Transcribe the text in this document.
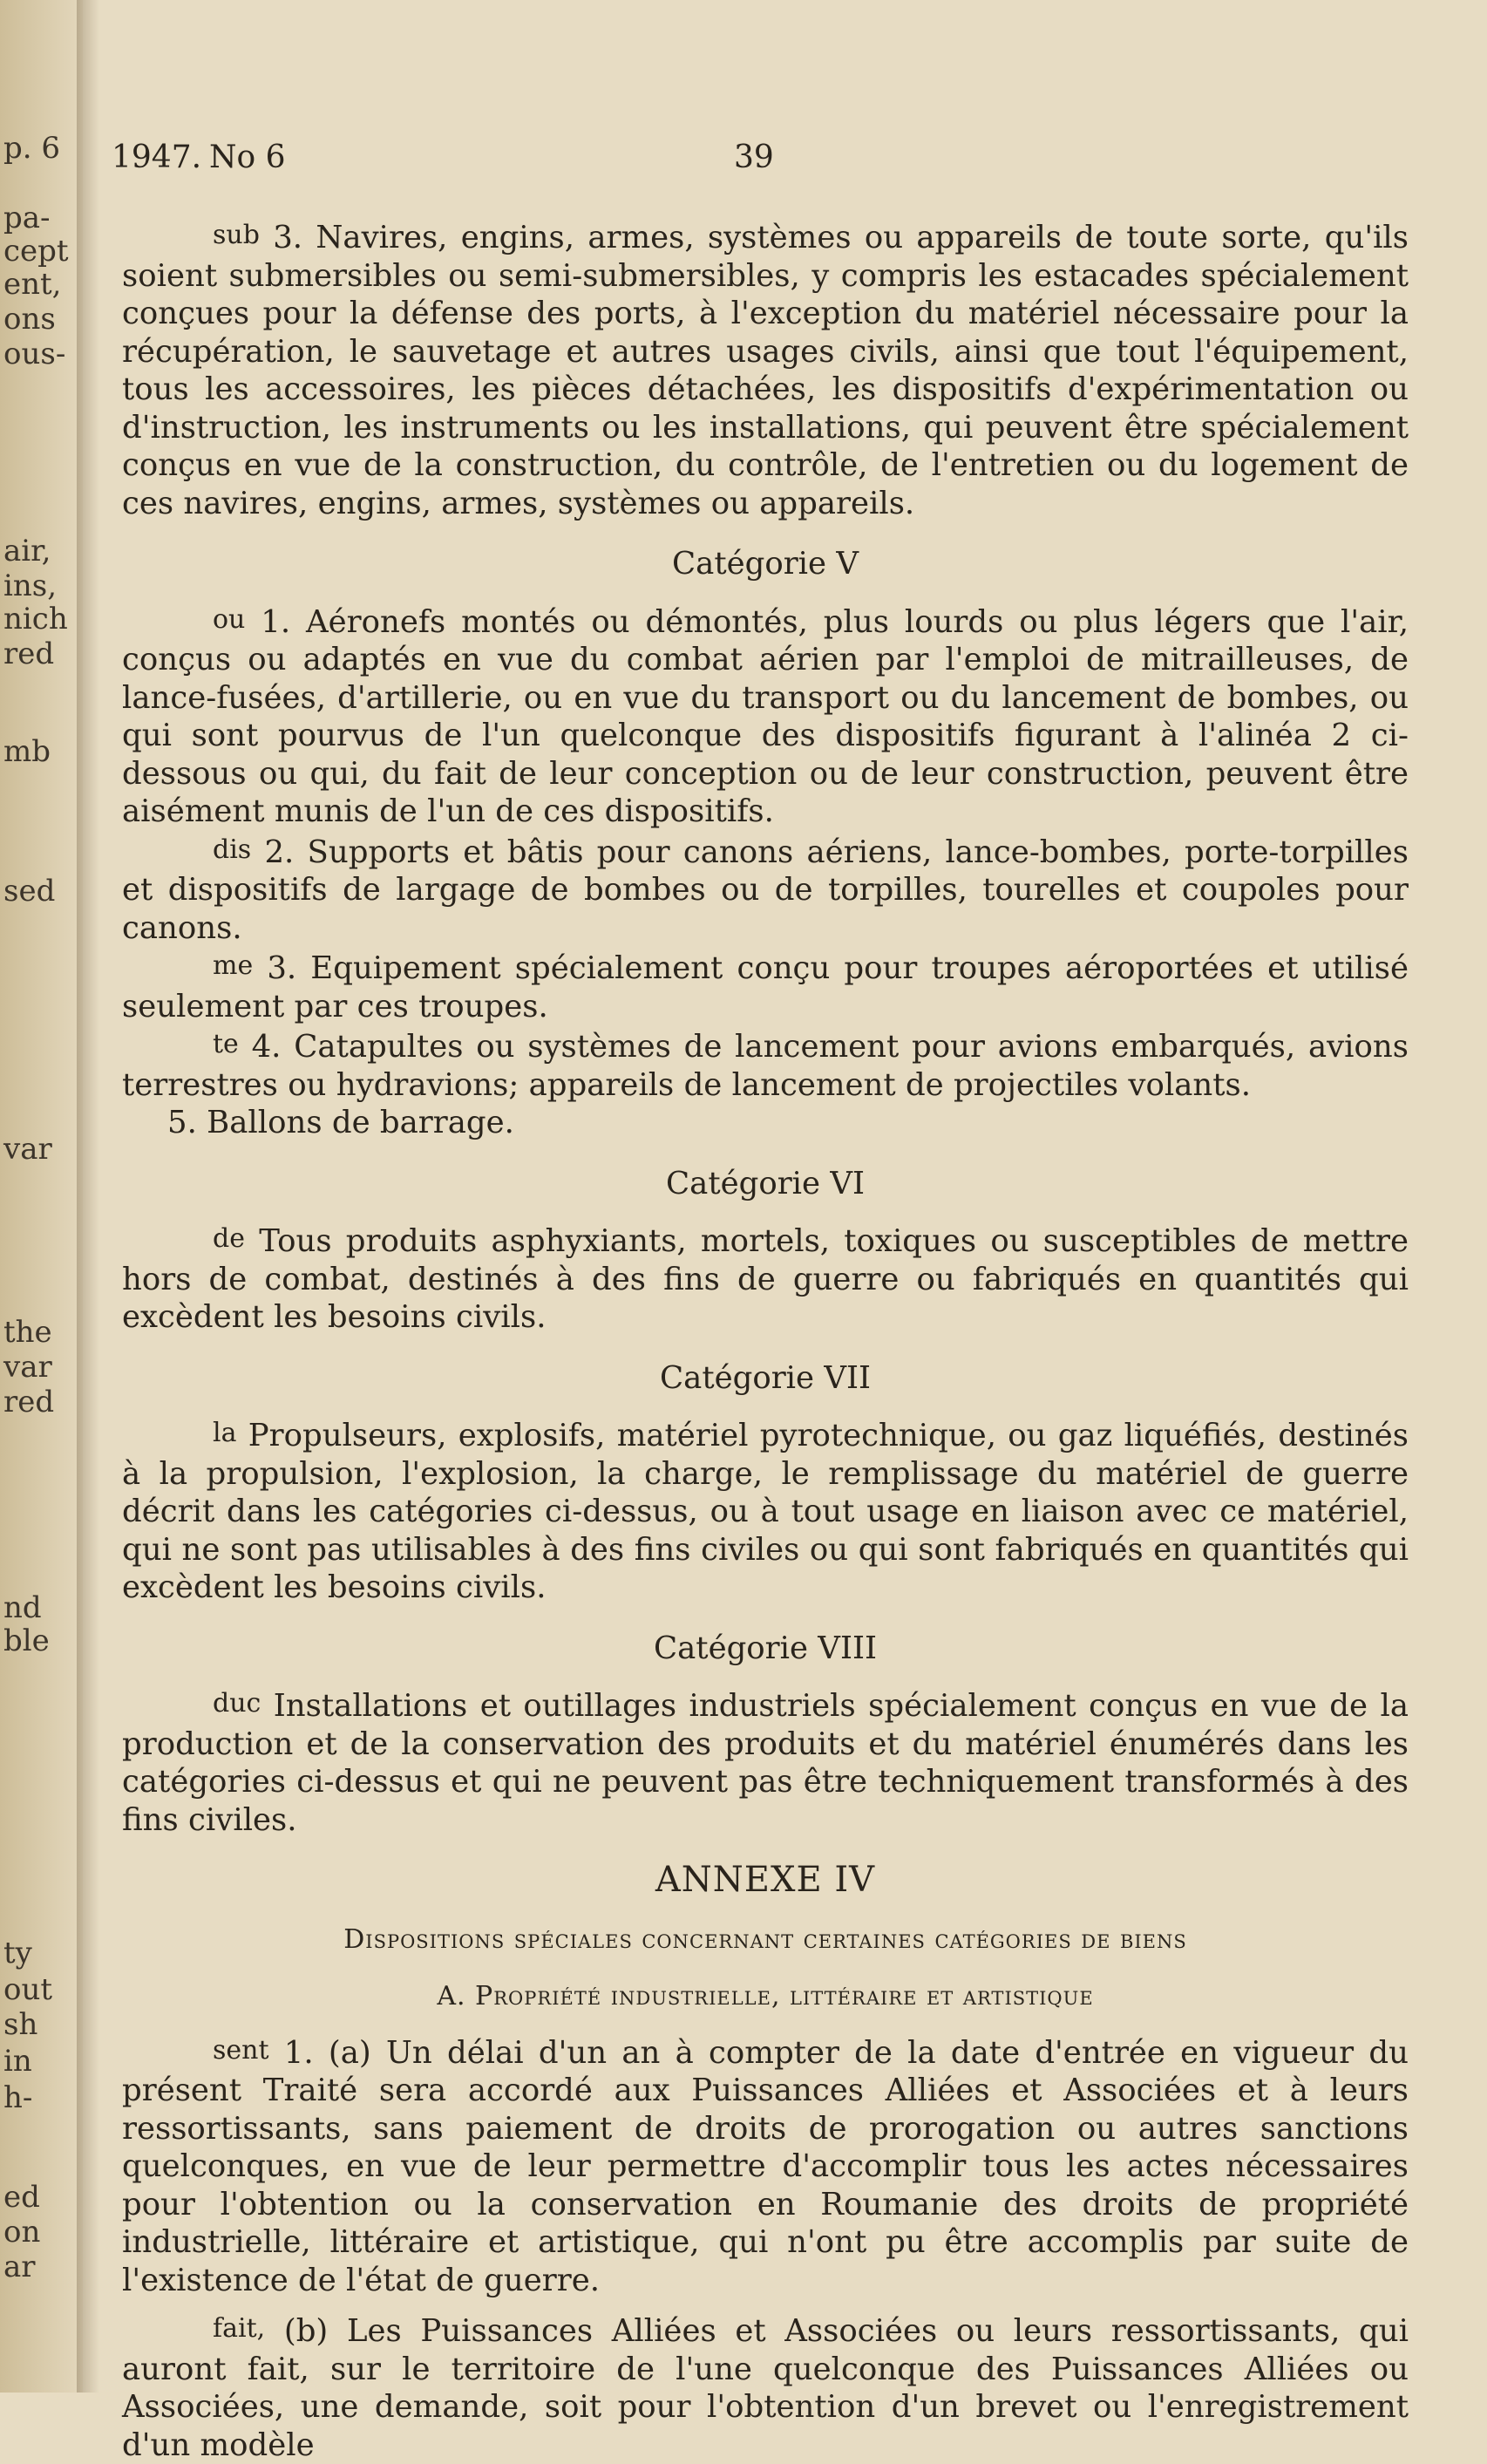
p. 6
pa-
cept
ent,
ons
ous-
air,
ins,
nich
red
mb
sed
var
the
var
red
nd
ble
ty
out
sh
in
h-
ed
on
ar
1947. No 6	39

sub 3. Navires, engins, armes, systèmes ou appareils de toute sorte, qu'ils soient submersibles ou semi-submersibles, y compris les estacades spécialement conçues pour la défense des ports, à l'exception du matériel nécessaire pour la récupération, le sauvetage et autres usages civils, ainsi que tout l'équipement, tous les accessoires, les pièces détachées, les dispositifs d'expérimentation ou d'instruction, les instruments ou les installations, qui peuvent être spécialement conçus en vue de la construction, du contrôle, de l'entretien ou du logement de ces navires, engins, armes, systèmes ou appareils.

Catégorie V

ou 1. Aéronefs montés ou démontés, plus lourds ou plus légers que l'air, conçus ou adaptés en vue du combat aérien par l'emploi de mitrailleuses, de lance-fusées, d'artillerie, ou en vue du transport ou du lancement de bombes, ou qui sont pourvus de l'un quelconque des dispositifs figurant à l'alinéa 2 ci-dessous ou qui, du fait de leur conception ou de leur construction, peuvent être aisément munis de l'un de ces dispositifs.

dis 2. Supports et bâtis pour canons aériens, lance-bombes, porte-torpilles et dispositifs de largage de bombes ou de torpilles, tourelles et coupoles pour canons.

me 3. Equipement spécialement conçu pour troupes aéroportées et utilisé seulement par ces troupes.

te 4. Catapultes ou systèmes de lancement pour avions embarqués, avions terrestres ou hydravions; appareils de lancement de projectiles volants.

5. Ballons de barrage.

Catégorie VI

de Tous produits asphyxiants, mortels, toxiques ou susceptibles de mettre hors de combat, destinés à des fins de guerre ou fabriqués en quantités qui excèdent les besoins civils.

Catégorie VII

la Propulseurs, explosifs, matériel pyrotechnique, ou gaz liquéfiés, destinés à la propulsion, l'explosion, la charge, le remplissage du matériel de guerre décrit dans les catégories ci-dessus, ou à tout usage en liaison avec ce matériel, qui ne sont pas utilisables à des fins civiles ou qui sont fabriqués en quantités qui excèdent les besoins civils.

Catégorie VIII

duc Installations et outillages industriels spécialement conçus en vue de la production et de la conservation des produits et du matériel énumérés dans les catégories ci-dessus et qui ne peuvent pas être techniquement transformés à des fins civiles.

ANNEXE IV

Dispositions spéciales concernant certaines catégories de biens

A. Propriété industrielle, littéraire et artistique

sent 1. (a) Un délai d'un an à compter de la date d'entrée en vigueur du présent Traité sera accordé aux Puissances Alliées et Associées et à leurs ressortissants, sans paiement de droits de prorogation ou autres sanctions quelconques, en vue de leur permettre d'accomplir tous les actes nécessaires pour l'obtention ou la conservation en Roumanie des droits de propriété industrielle, littéraire et artistique, qui n'ont pu être accomplis par suite de l'existence de l'état de guerre.

fait, (b) Les Puissances Alliées et Associées ou leurs ressortissants, qui auront fait, sur le territoire de l'une quelconque des Puissances Alliées ou Associées, une demande, soit pour l'obtention d'un brevet ou l'enregistrement d'un modèle
